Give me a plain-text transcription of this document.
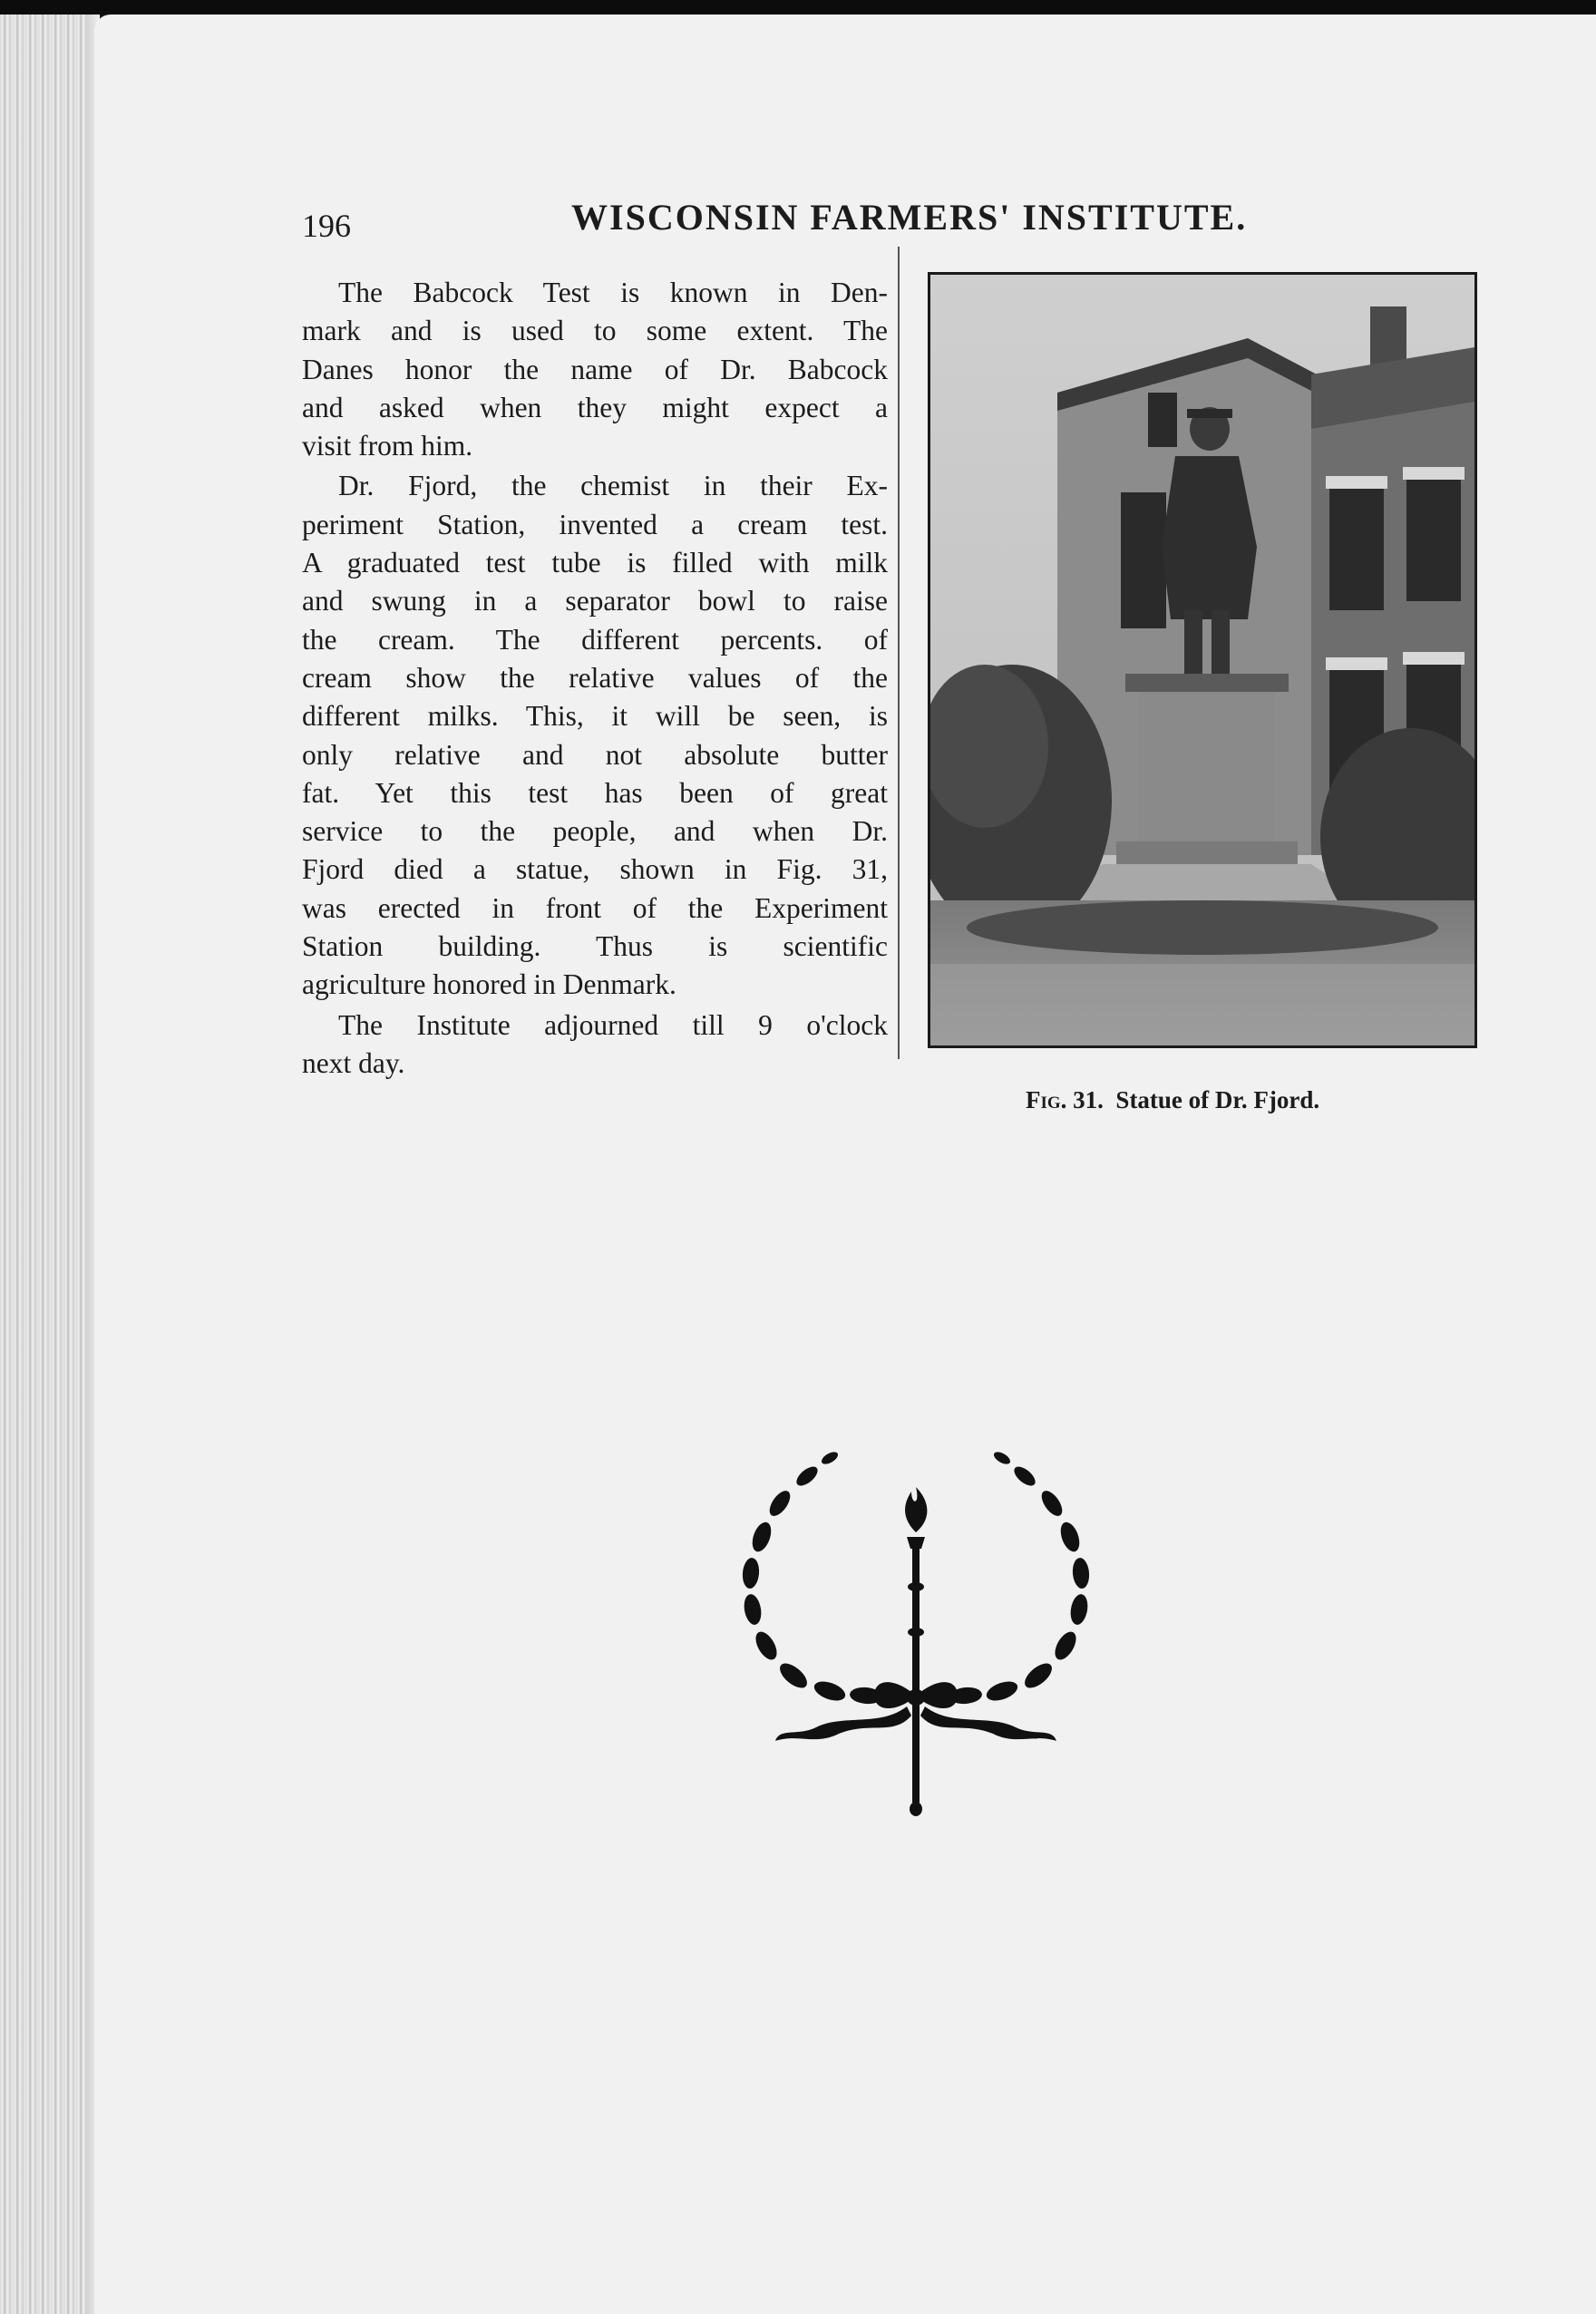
196	WISCONSIN FARMERS' INSTITUTE.

The Babcock Test is known in Den-
mark and is used to some extent. The
Danes honor the name of Dr. Babcock
and asked when they might expect a
visit from him.

Dr. Fjord, the chemist in their Ex-
periment Station, invented a cream test.
A graduated test tube is filled with milk
and swung in a separator bowl to raise
the cream. The different percents. of
cream show the relative values of the
different milks. This, it will be seen, is
only relative and not absolute butter
fat. Yet this test has been of great
service to the people, and when Dr.
Fjord died a statue, shown in Fig. 31,
was erected in front of the Experiment
Station building. Thus is scientific
agriculture honored in Denmark.

The Institute adjourned till 9 o'clock
next day.

Fig. 31. Statue of Dr. Fjord.
